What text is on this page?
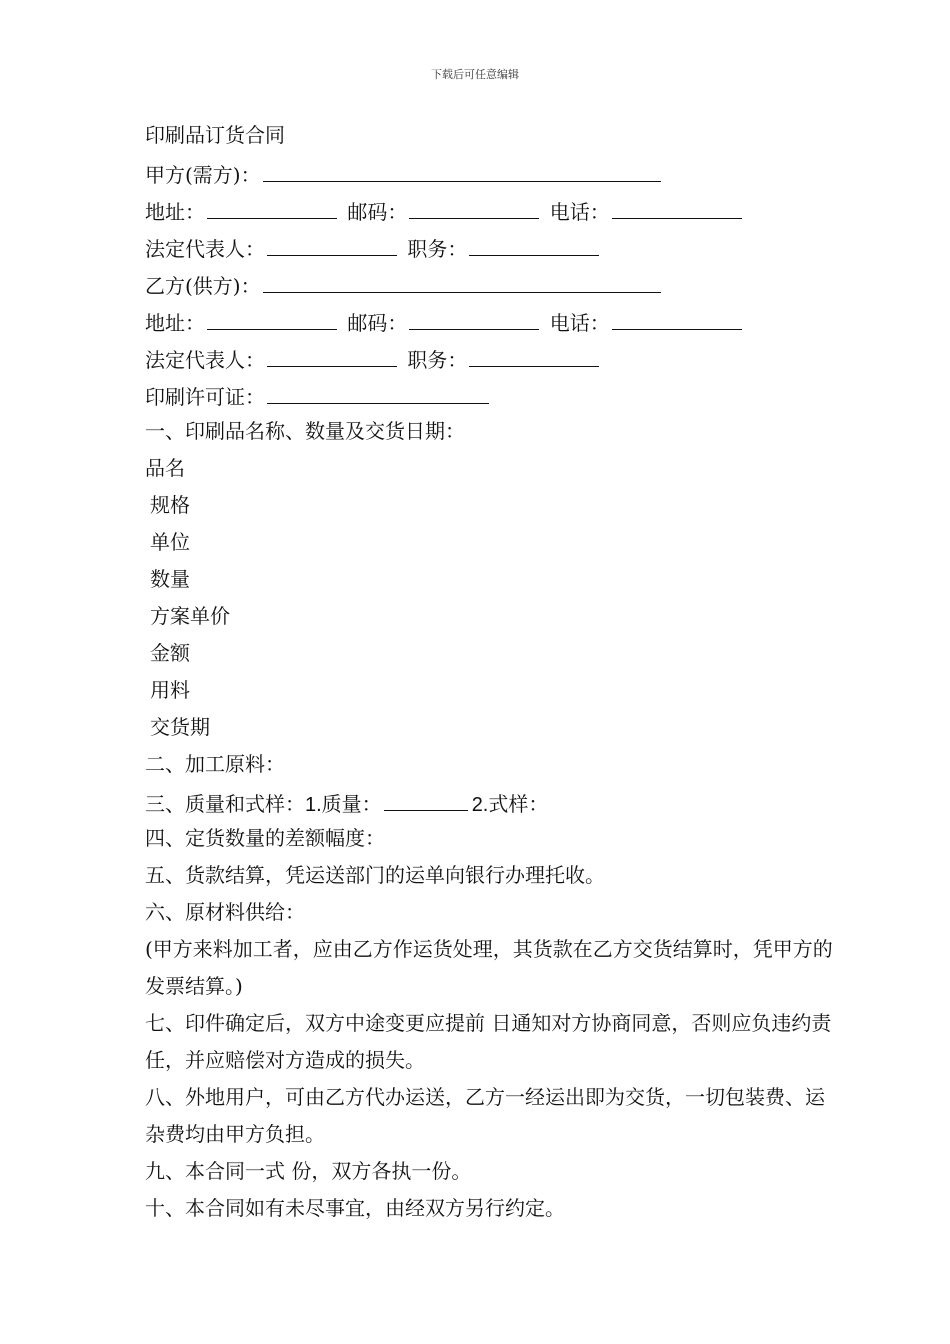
下载后可任意编辑
印刷品订货合同
甲方(需方)：
地址：	邮码：	电话：
法定代表人：	职务：
乙方(供方)：
地址：	邮码：	电话：
法定代表人：	职务：
印刷许可证：
一、印刷品名称、数量及交货日期：
品名
规格
单位
数量
方案单价
金额
用料
交货期
二、加工原料：
三、质量和式样：1.质量：	2.式样：
四、定货数量的差额幅度：
五、货款结算，凭运送部门的运单向银行办理托收。
六、原材料供给：
(甲方来料加工者，应由乙方作运货处理，其货款在乙方交货结算时，凭甲方的发票结算。)
七、印件确定后，双方中途变更应提前 日通知对方协商同意，否则应负违约责任，并应赔偿对方造成的损失。
八、外地用户，可由乙方代办运送，乙方一经运出即为交货，一切包装费、运杂费均由甲方负担。
九、本合同一式 份，双方各执一份。
十、本合同如有未尽事宜，由经双方另行约定。
